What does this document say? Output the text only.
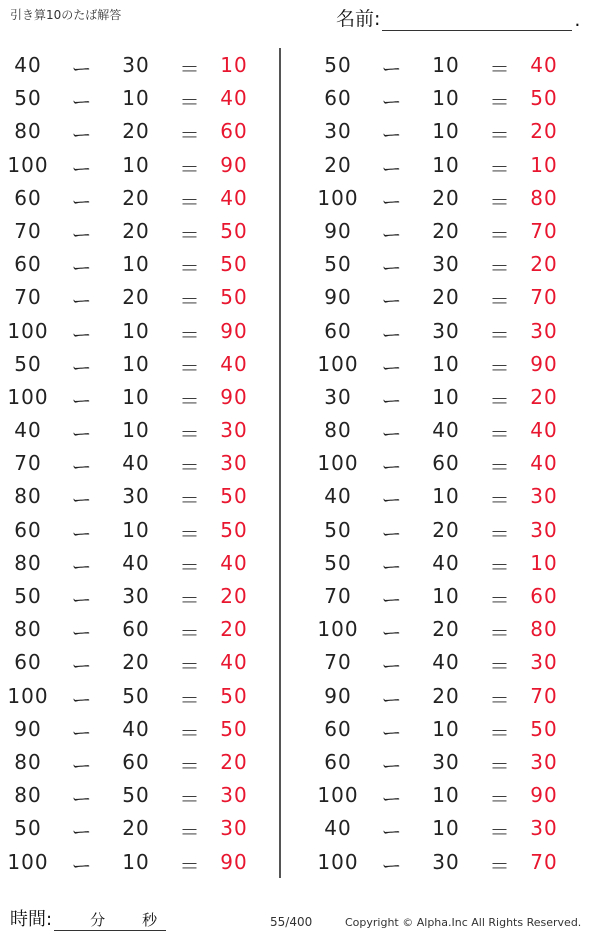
引き算10のたば解答	名前:	.
40	ー	30	＝ 10
50	ー	10	＝ 40
80	ー	20	＝ 60
100	ー	10	＝ 90
60	ー	20	＝ 40
70	ー	20	＝ 50
60	ー	10	＝ 50
70	ー	20	＝ 50
100	ー	10	＝ 90
50	ー	10	＝ 40
100	ー	10	＝ 90
40	ー	10	＝ 30
70	ー	40	＝ 30
80	ー	30	＝ 50
60	ー	10	＝ 50
80	ー	40	＝ 40
50	ー	30	＝ 20
80	ー	60	＝ 20
60	ー	20	＝ 40
100	ー	50	＝ 50
90	ー	40	＝ 50
80	ー	60	＝ 20
80	ー	50	＝ 30
50	ー	20	＝ 30
100	ー	10	＝ 90
50	ー	10	＝ 40
60	ー	10	＝ 50
30	ー	10	＝ 20
20	ー	10	＝ 10
100	ー	20	＝ 80
90	ー	20	＝ 70
50	ー	30	＝ 20
90	ー	20	＝ 70
60	ー	30	＝ 30
100	ー	10	＝ 90
30	ー	10	＝ 20
80	ー	40	＝ 40
100	ー	60	＝ 40
40	ー	10	＝ 30
50	ー	20	＝ 30
50	ー	40	＝ 10
70	ー	10	＝ 60
100	ー	20	＝ 80
70	ー	40	＝ 30
90	ー	20	＝ 70
60	ー	10	＝ 50
60	ー	30	＝ 30
100	ー	10	＝ 90
40	ー	10	＝ 30
100	ー	30	＝ 70
時間:	分 秒	55/400	Copyright © Alpha.Inc All Rights Reserved.
